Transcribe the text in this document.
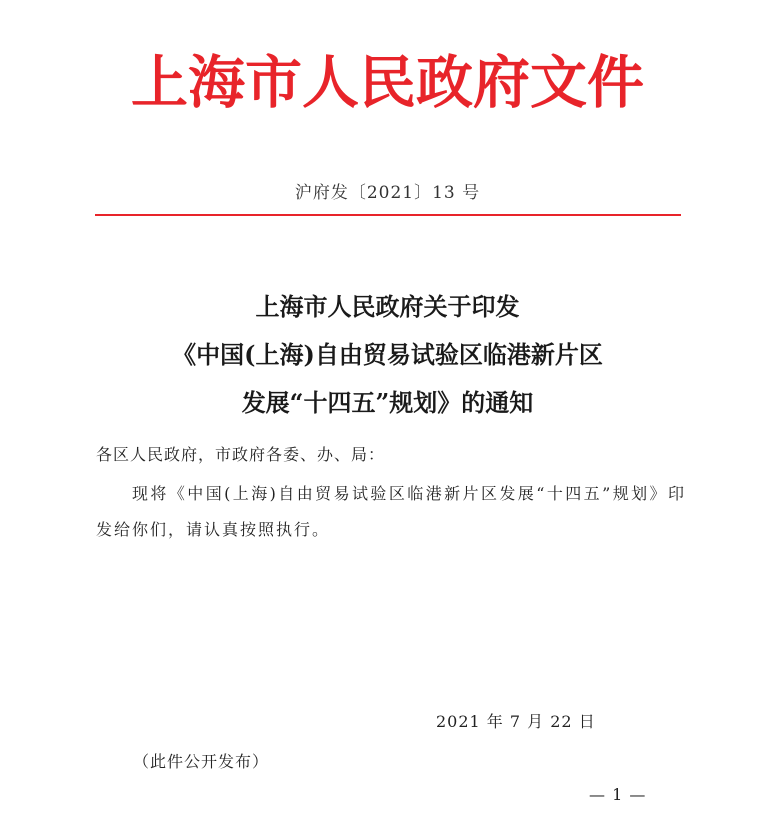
上海市人民政府文件
沪府发〔2021〕13 号
上海市人民政府关于印发
《中国(上海)自由贸易试验区临港新片区
发展“十四五”规划》的通知
各区人民政府，市政府各委、办、局：
现将《中国(上海)自由贸易试验区临港新片区发展“十四五”规划》印发给你们，请认真按照执行。
2021 年 7 月 22 日
（此件公开发布）
— 1 —
